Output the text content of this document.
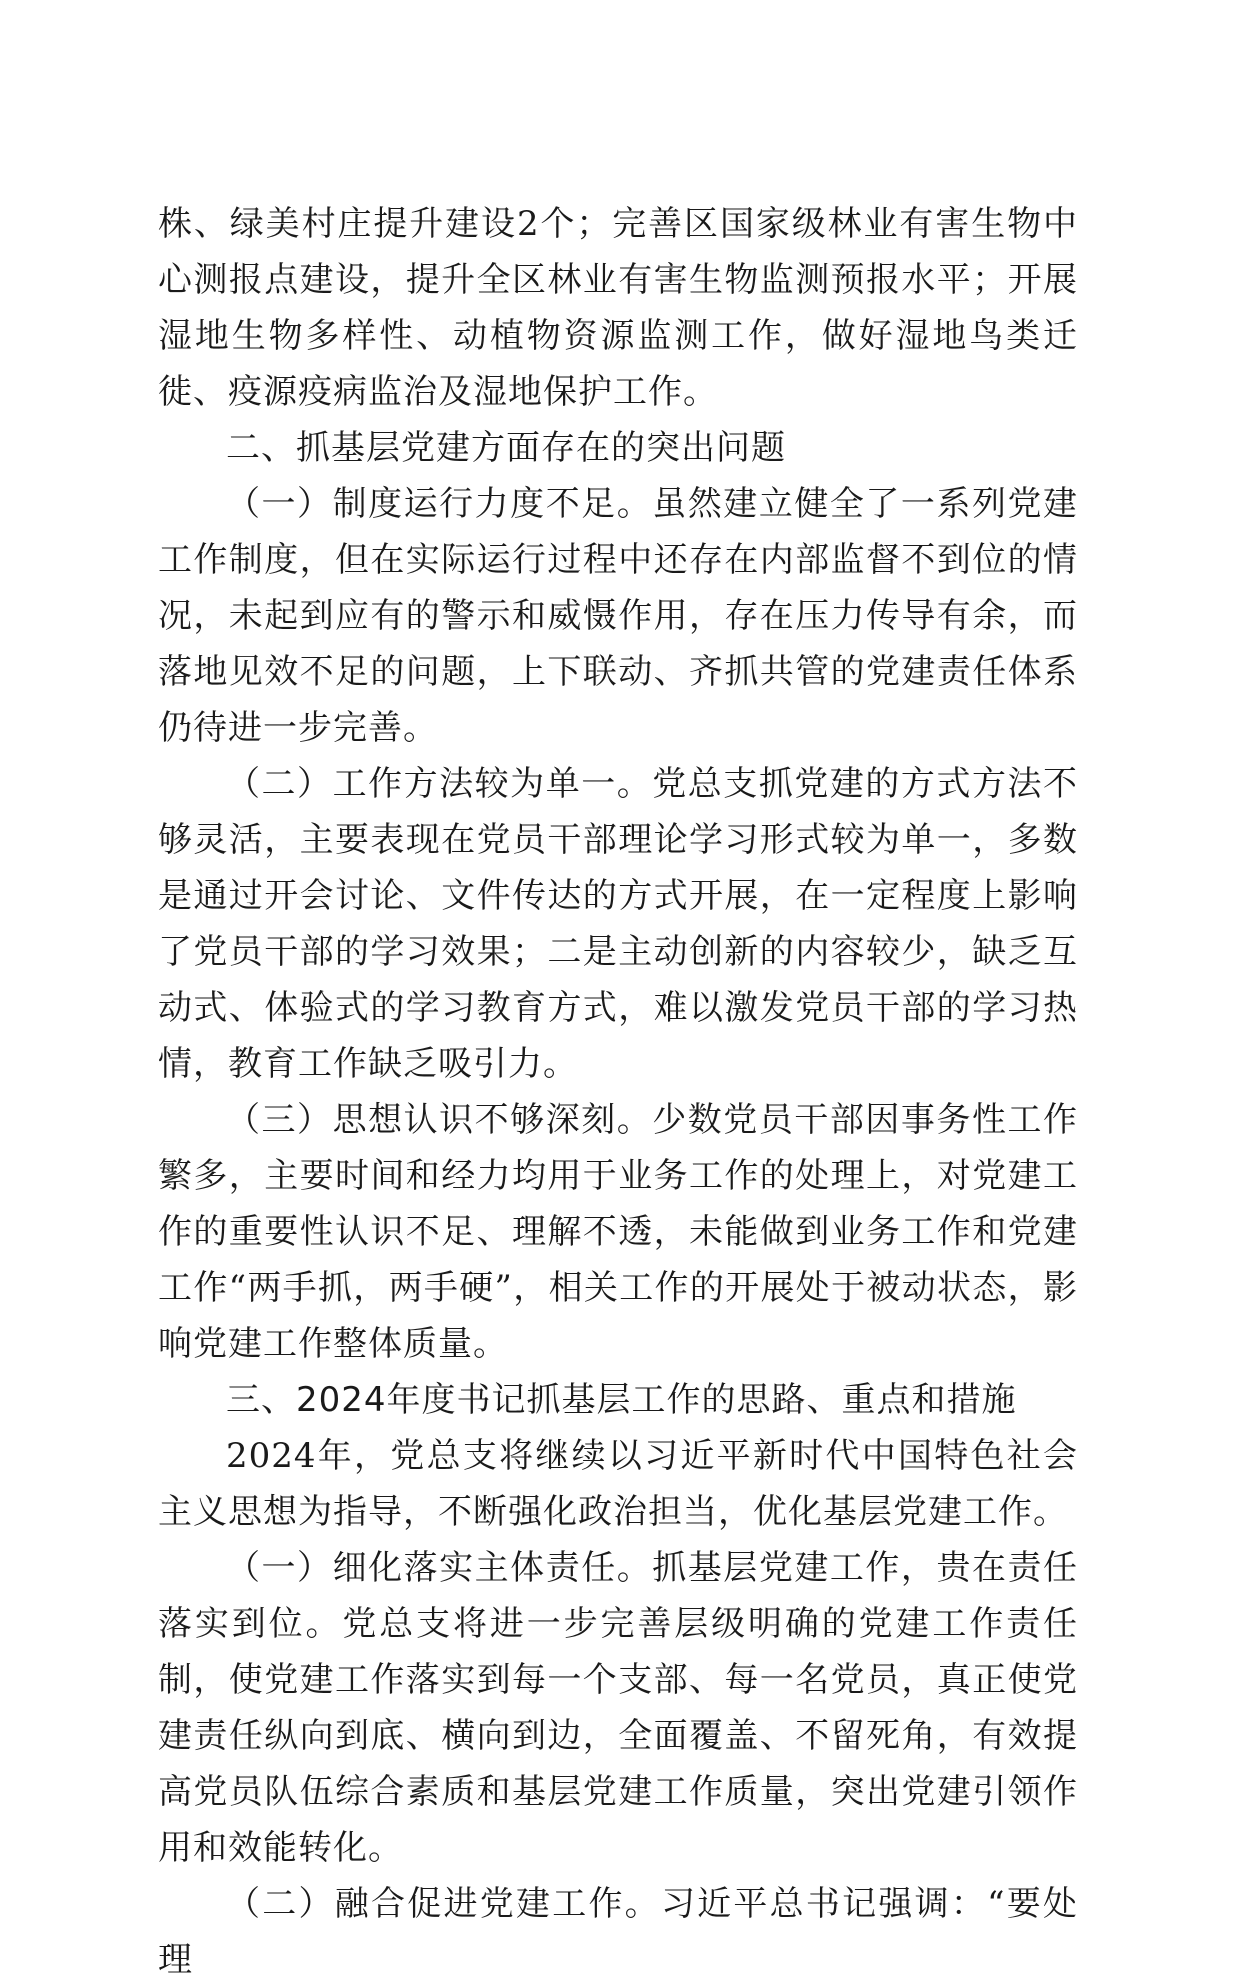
株、绿美村庄提升建设2个；完善区国家级林业有害生物中心测报点建设，提升全区林业有害生物监测预报水平；开展湿地生物多样性、动植物资源监测工作，做好湿地鸟类迁徙、疫源疫病监治及湿地保护工作。

二、抓基层党建方面存在的突出问题

（一）制度运行力度不足。虽然建立健全了一系列党建工作制度，但在实际运行过程中还存在内部监督不到位的情况，未起到应有的警示和威慑作用，存在压力传导有余，而落地见效不足的问题，上下联动、齐抓共管的党建责任体系仍待进一步完善。

（二）工作方法较为单一。党总支抓党建的方式方法不够灵活，主要表现在党员干部理论学习形式较为单一，多数是通过开会讨论、文件传达的方式开展，在一定程度上影响了党员干部的学习效果；二是主动创新的内容较少，缺乏互动式、体验式的学习教育方式，难以激发党员干部的学习热情，教育工作缺乏吸引力。

（三）思想认识不够深刻。少数党员干部因事务性工作繁多，主要时间和经力均用于业务工作的处理上，对党建工作的重要性认识不足、理解不透，未能做到业务工作和党建工作“两手抓，两手硬”，相关工作的开展处于被动状态，影响党建工作整体质量。

三、2024年度书记抓基层工作的思路、重点和措施

2024年，党总支将继续以习近平新时代中国特色社会主义思想为指导，不断强化政治担当，优化基层党建工作。

（一）细化落实主体责任。抓基层党建工作，贵在责任落实到位。党总支将进一步完善层级明确的党建工作责任制，使党建工作落实到每一个支部、每一名党员，真正使党建责任纵向到底、横向到边，全面覆盖、不留死角，有效提高党员队伍综合素质和基层党建工作质量，突出党建引领作用和效能转化。

（二）融合促进党建工作。习近平总书记强调：“要处理
